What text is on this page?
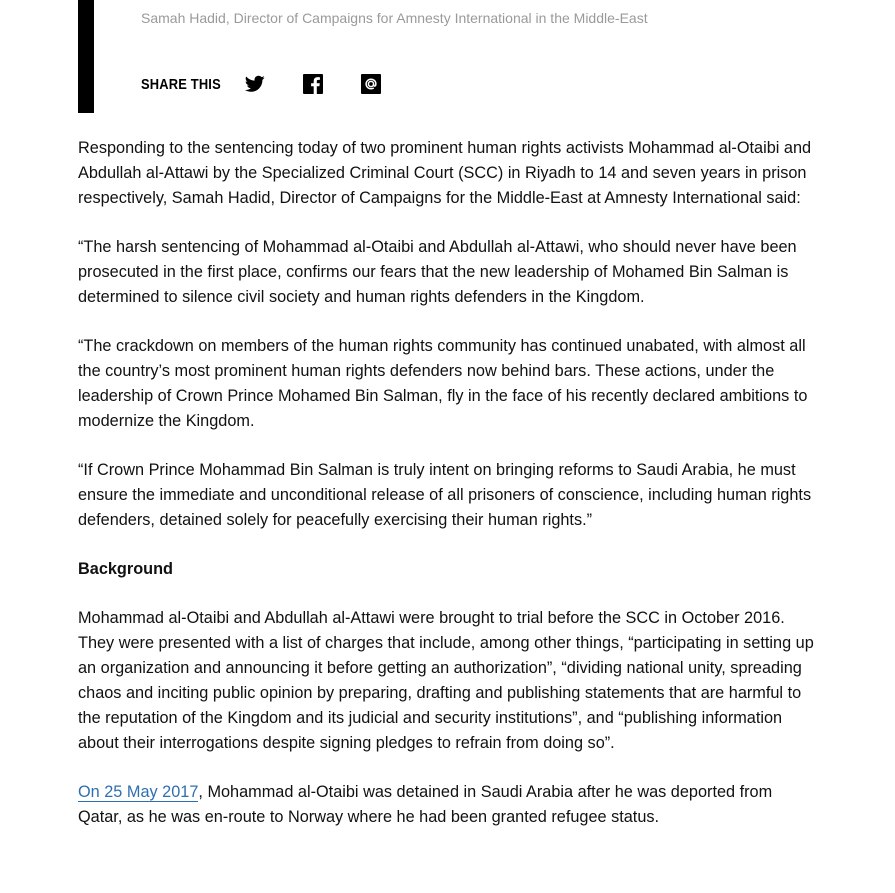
Samah Hadid, Director of Campaigns for Amnesty International in the Middle-East
SHARE THIS

Responding to the sentencing today of two prominent human rights activists Mohammad al-Otaibi and Abdullah al-Attawi by the Specialized Criminal Court (SCC) in Riyadh to 14 and seven years in prison respectively, Samah Hadid, Director of Campaigns for the Middle-East at Amnesty International said:

“The harsh sentencing of Mohammad al-Otaibi and Abdullah al-Attawi, who should never have been prosecuted in the first place, confirms our fears that the new leadership of Mohamed Bin Salman is determined to silence civil society and human rights defenders in the Kingdom.

“The crackdown on members of the human rights community has continued unabated, with almost all the country’s most prominent human rights defenders now behind bars. These actions, under the leadership of Crown Prince Mohamed Bin Salman, fly in the face of his recently declared ambitions to modernize the Kingdom.

“If Crown Prince Mohammad Bin Salman is truly intent on bringing reforms to Saudi Arabia, he must ensure the immediate and unconditional release of all prisoners of conscience, including human rights defenders, detained solely for peacefully exercising their human rights.”

Background

Mohammad al-Otaibi and Abdullah al-Attawi were brought to trial before the SCC in October 2016. They were presented with a list of charges that include, among other things, “participating in setting up an organization and announcing it before getting an authorization”, “dividing national unity, spreading chaos and inciting public opinion by preparing, drafting and publishing statements that are harmful to the reputation of the Kingdom and its judicial and security institutions”, and “publishing information about their interrogations despite signing pledges to refrain from doing so”.

On 25 May 2017, Mohammad al-Otaibi was detained in Saudi Arabia after he was deported from Qatar, as he was en-route to Norway where he had been granted refugee status.
